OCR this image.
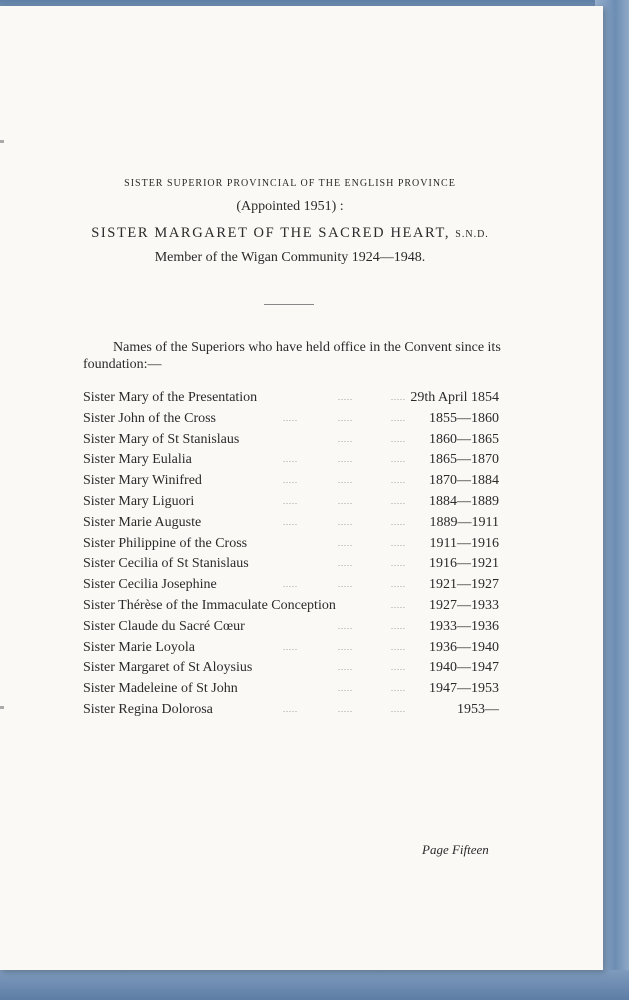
SISTER SUPERIOR PROVINCIAL OF THE ENGLISH PROVINCE
(Appointed 1951) :
SISTER MARGARET OF THE SACRED HEART, S.N.D.
Member of the Wigan Community 1924—1948.
Names of the Superiors who have held office in the Convent since its foundation:—
Sister Mary of the Presentation	.....	..... 29th April 1854
Sister John of the Cross	.....	.....	..... 1855—1860
Sister Mary of St Stanislaus	.....	..... 1860—1865
Sister Mary Eulalia	.....	.....	..... 1865—1870
Sister Mary Winifred	.....	.....	..... 1870—1884
Sister Mary Liguori	.....	.....	..... 1884—1889
Sister Marie Auguste	.....	.....	..... 1889—1911
Sister Philippine of the Cross	.....	..... 1911—1916
Sister Cecilia of St Stanislaus	.....	..... 1916—1921
Sister Cecilia Josephine	.....	.....	..... 1921—1927
Sister Thérèse of the Immaculate Conception	..... 1927—1933
Sister Claude du Sacré Cœur	.....	..... 1933—1936
Sister Marie Loyola	.....	.....	..... 1936—1940
Sister Margaret of St Aloysius	.....	..... 1940—1947
Sister Madeleine of St John	.....	..... 1947—1953
Sister Regina Dolorosa	.....	.....	.....	1953—
Page Fifteen
